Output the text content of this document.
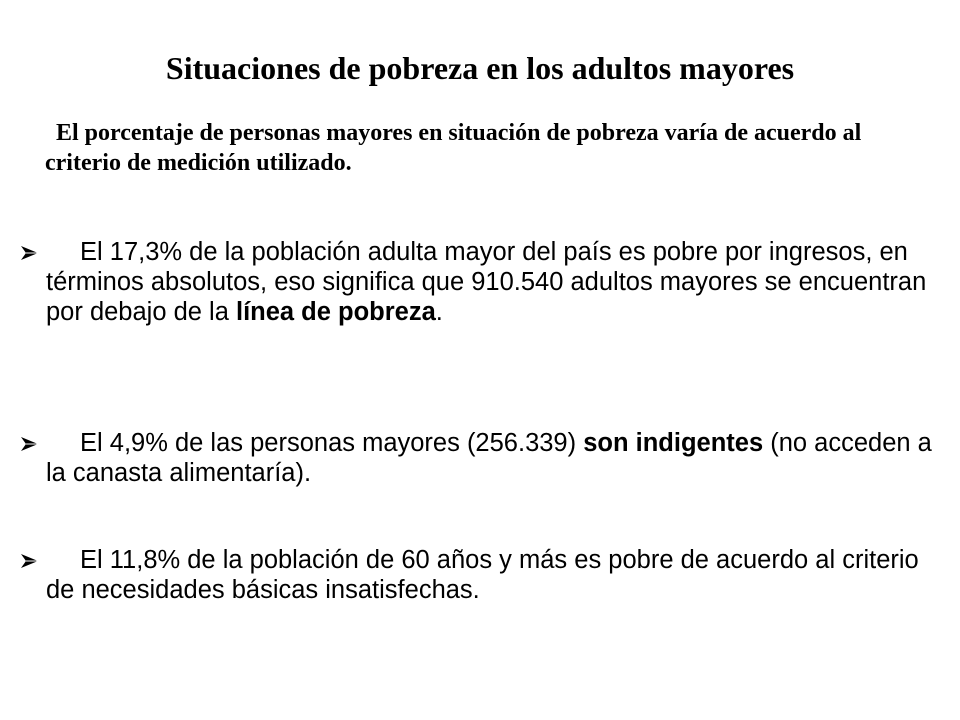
Situaciones de pobreza en los adultos mayores

El porcentaje de personas mayores en situación de pobreza varía de acuerdo al criterio de medición utilizado.

El 17,3% de la población adulta mayor del país es pobre por ingresos, en términos absolutos, eso significa que 910.540 adultos mayores se encuentran por debajo de la línea de pobreza.
El 4,9% de las personas mayores (256.339) son indigentes (no acceden a la canasta alimentaría).
El 11,8% de la población de 60 años y más es pobre de acuerdo al criterio de necesidades básicas insatisfechas.
